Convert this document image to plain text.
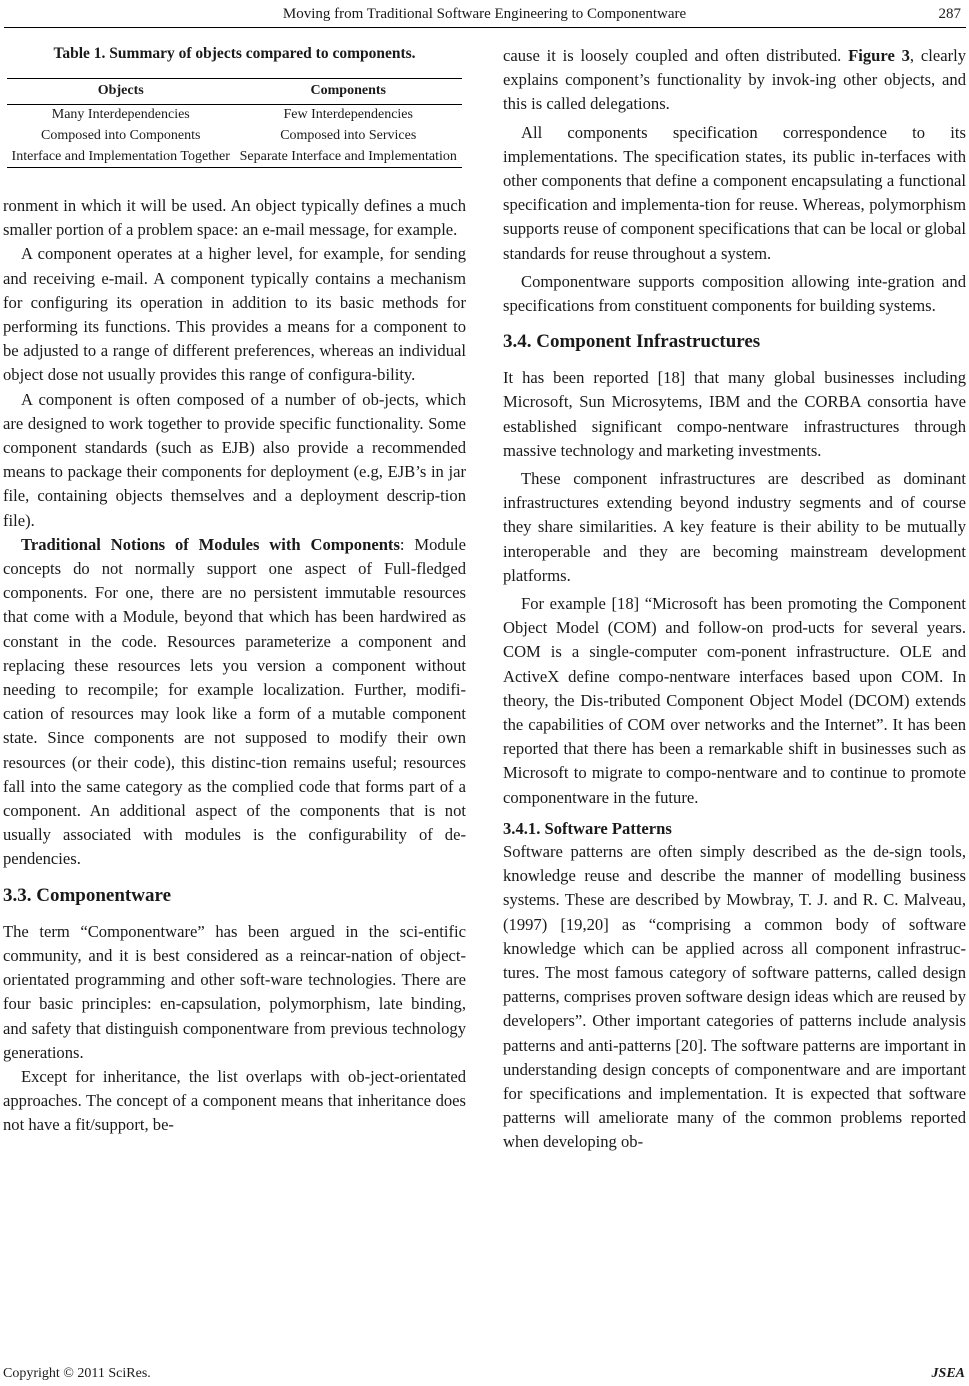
Moving from Traditional Software Engineering to Componentware	287
Table 1. Summary of objects compared to components.
Objects	Components
Many Interdependencies	Few Interdependencies
Composed into Components	Composed into Services
Interface and Implementation Together	Separate Interface and Implementation

ronment in which it will be used. An object typically defines a much smaller portion of a problem space: an e-mail message, for example.

A component operates at a higher level, for example, for sending and receiving e-mail. A component typically contains a mechanism for configuring its operation in addition to its basic methods for performing its functions. This provides a means for a component to be adjusted to a range of different preferences, whereas an individual object dose not usually provides this range of configura-bility.

A component is often composed of a number of ob-jects, which are designed to work together to provide specific functionality. Some component standards (such as EJB) also provide a recommended means to package their components for deployment (e.g, EJB’s in jar file, containing objects themselves and a deployment descrip-tion file).

Traditional Notions of Modules with Components: Module concepts do not normally support one aspect of Full-fledged components. For one, there are no persistent immutable resources that come with a Module, beyond that which has been hardwired as constant in the code. Resources parameterize a component and replacing these resources lets you version a component without needing to recompile; for example localization. Further, modifi-cation of resources may look like a form of a mutable component state. Since components are not supposed to modify their own resources (or their code), this distinc-tion remains useful; resources fall into the same category as the complied code that forms part of a component. An additional aspect of the components that is not usually associated with modules is the configurability of de-pendencies.

3.3. Componentware

The term “Componentware” has been argued in the sci-entific community, and it is best considered as a reincar-nation of object-orientated programming and other soft-ware technologies. There are four basic principles: en-capsulation, polymorphism, late binding, and safety that distinguish componentware from previous technology generations.

Except for inheritance, the list overlaps with ob-ject-orientated approaches. The concept of a component means that inheritance does not have a fit/support, be-

cause it is loosely coupled and often distributed. Figure 3, clearly explains component’s functionality by invok-ing other objects, and this is called delegations.

All components specification correspondence to its implementations. The specification states, its public in-terfaces with other components that define a component encapsulating a functional specification and implementa-tion for reuse. Whereas, polymorphism supports reuse of component specifications that can be local or global standards for reuse throughout a system.

Componentware supports composition allowing inte-gration and specifications from constituent components for building systems.

3.4. Component Infrastructures

It has been reported [18] that many global businesses including Microsoft, Sun Microsytems, IBM and the CORBA consortia have established significant compo-nentware infrastructures through massive technology and marketing investments.

These component infrastructures are described as dominant infrastructures extending beyond industry segments and of course they share similarities. A key feature is their ability to be mutually interoperable and they are becoming mainstream development platforms.

For example [18] “Microsoft has been promoting the Component Object Model (COM) and follow-on prod-ucts for several years. COM is a single-computer com-ponent infrastructure. OLE and ActiveX define compo-nentware interfaces based upon COM. In theory, the Dis-tributed Component Object Model (DCOM) extends the capabilities of COM over networks and the Internet”. It has been reported that there has been a remarkable shift in businesses such as Microsoft to migrate to compo-nentware and to continue to promote componentware in the future.

3.4.1. Software Patterns

Software patterns are often simply described as the de-sign tools, knowledge reuse and describe the manner of modelling business systems. These are described by Mowbray, T. J. and R. C. Malveau, (1997) [19,20] as “comprising a common body of software knowledge which can be applied across all component infrastruc-tures. The most famous category of software patterns, called design patterns, comprises proven software design ideas which are reused by developers”. Other important categories of patterns include analysis patterns and anti-patterns [20]. The software patterns are important in understanding design concepts of componentware and are important for specifications and implementation. It is expected that software patterns will ameliorate many of the common problems reported when developing ob-

Copyright © 2011 SciRes.	JSEA
